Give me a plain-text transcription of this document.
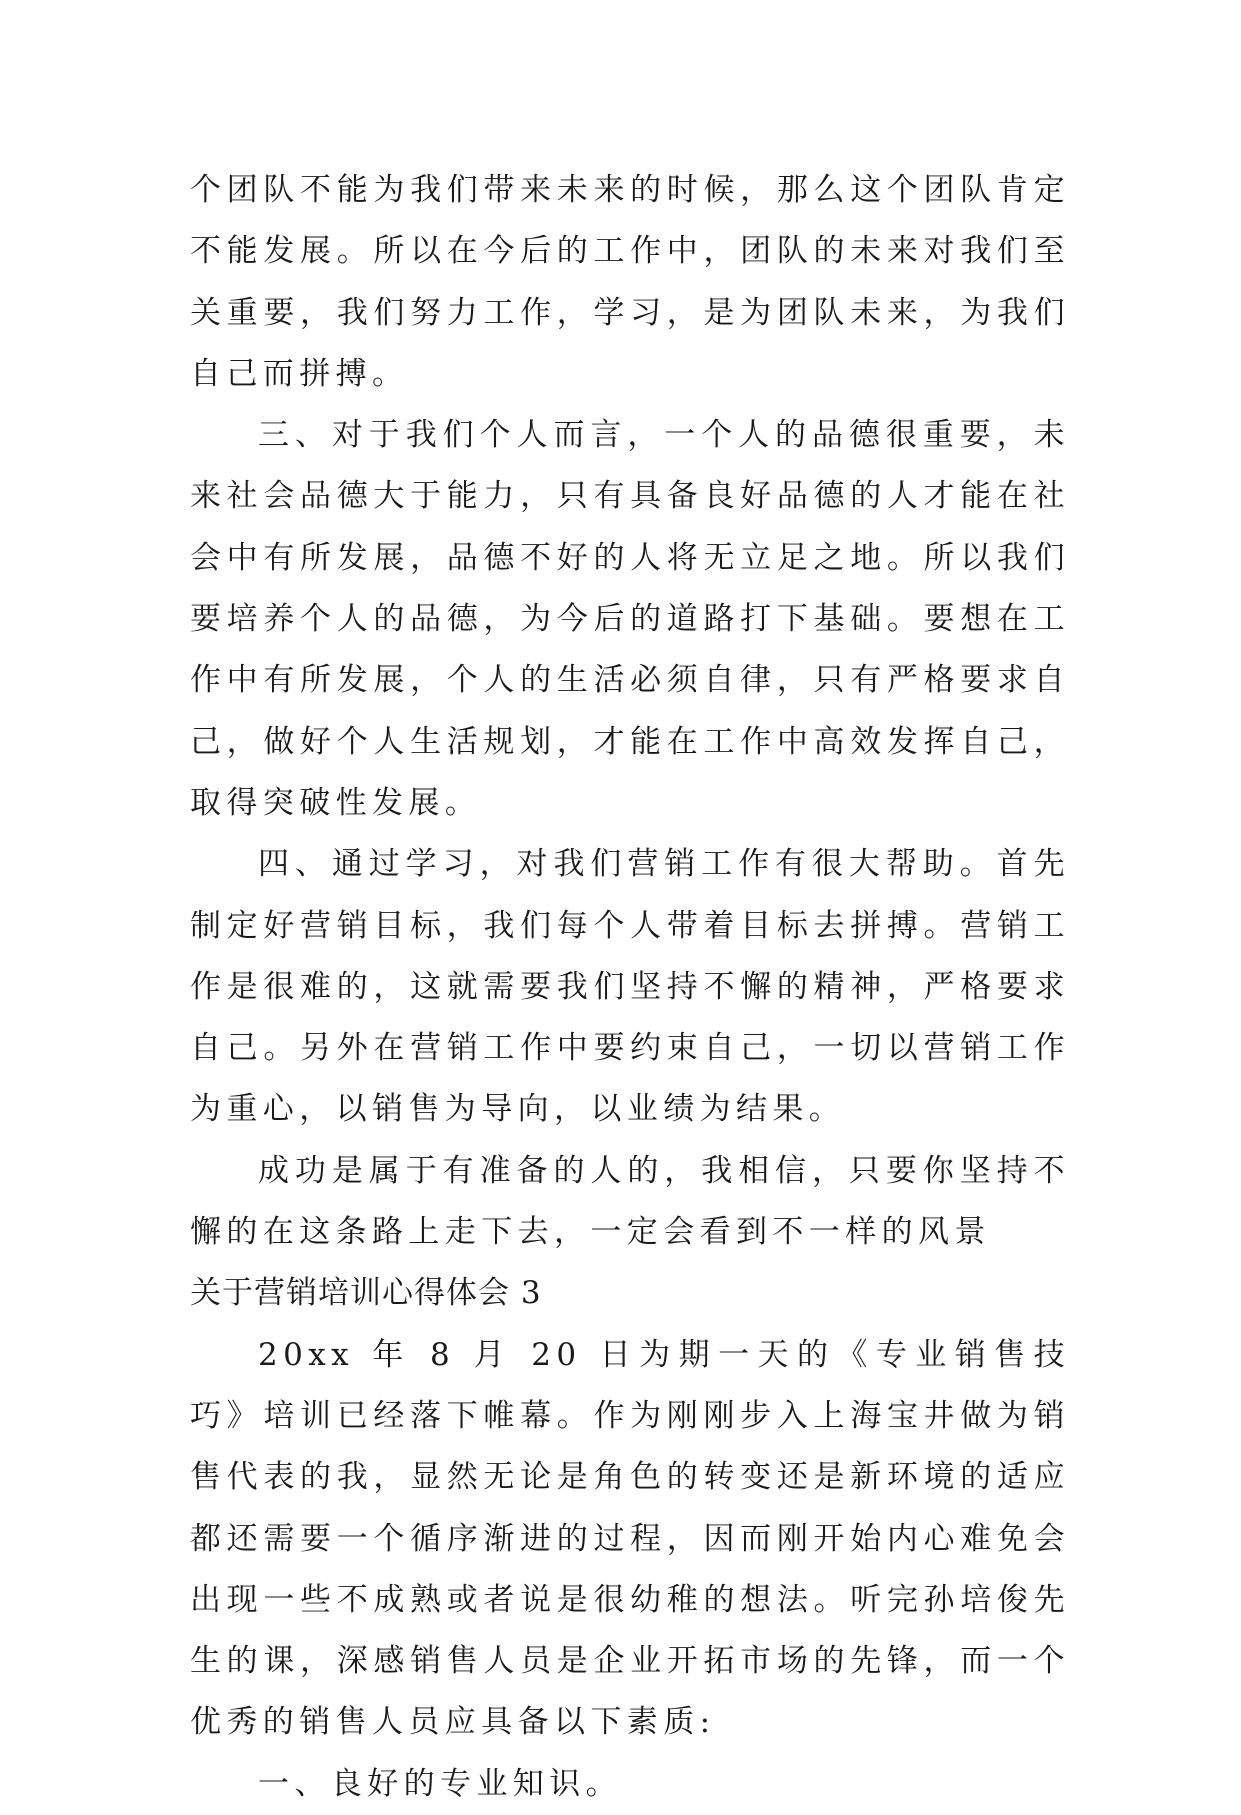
个团队不能为我们带来未来的时候，那么这个团队肯定不能发展。所以在今后的工作中，团队的未来对我们至关重要，我们努力工作，学习，是为团队未来，为我们自己而拼搏。

三、对于我们个人而言，一个人的品德很重要，未来社会品德大于能力，只有具备良好品德的人才能在社会中有所发展，品德不好的人将无立足之地。所以我们要培养个人的品德，为今后的道路打下基础。要想在工作中有所发展，个人的生活必须自律，只有严格要求自己，做好个人生活规划，才能在工作中高效发挥自己，取得突破性发展。

四、通过学习，对我们营销工作有很大帮助。首先制定好营销目标，我们每个人带着目标去拼搏。营销工作是很难的，这就需要我们坚持不懈的精神，严格要求自己。另外在营销工作中要约束自己，一切以营销工作为重心，以销售为导向，以业绩为结果。

成功是属于有准备的人的，我相信，只要你坚持不懈的在这条路上走下去，一定会看到不一样的风景

关于营销培训心得体会 3

20xx 年 8 月 20 日为期一天的《专业销售技巧》培训已经落下帷幕。作为刚刚步入上海宝井做为销售代表的我，显然无论是角色的转变还是新环境的适应都还需要一个循序渐进的过程，因而刚开始内心难免会出现一些不成熟或者说是很幼稚的想法。听完孙培俊先生的课，深感销售人员是企业开拓市场的先锋，而一个优秀的销售人员应具备以下素质:

一、良好的专业知识。
